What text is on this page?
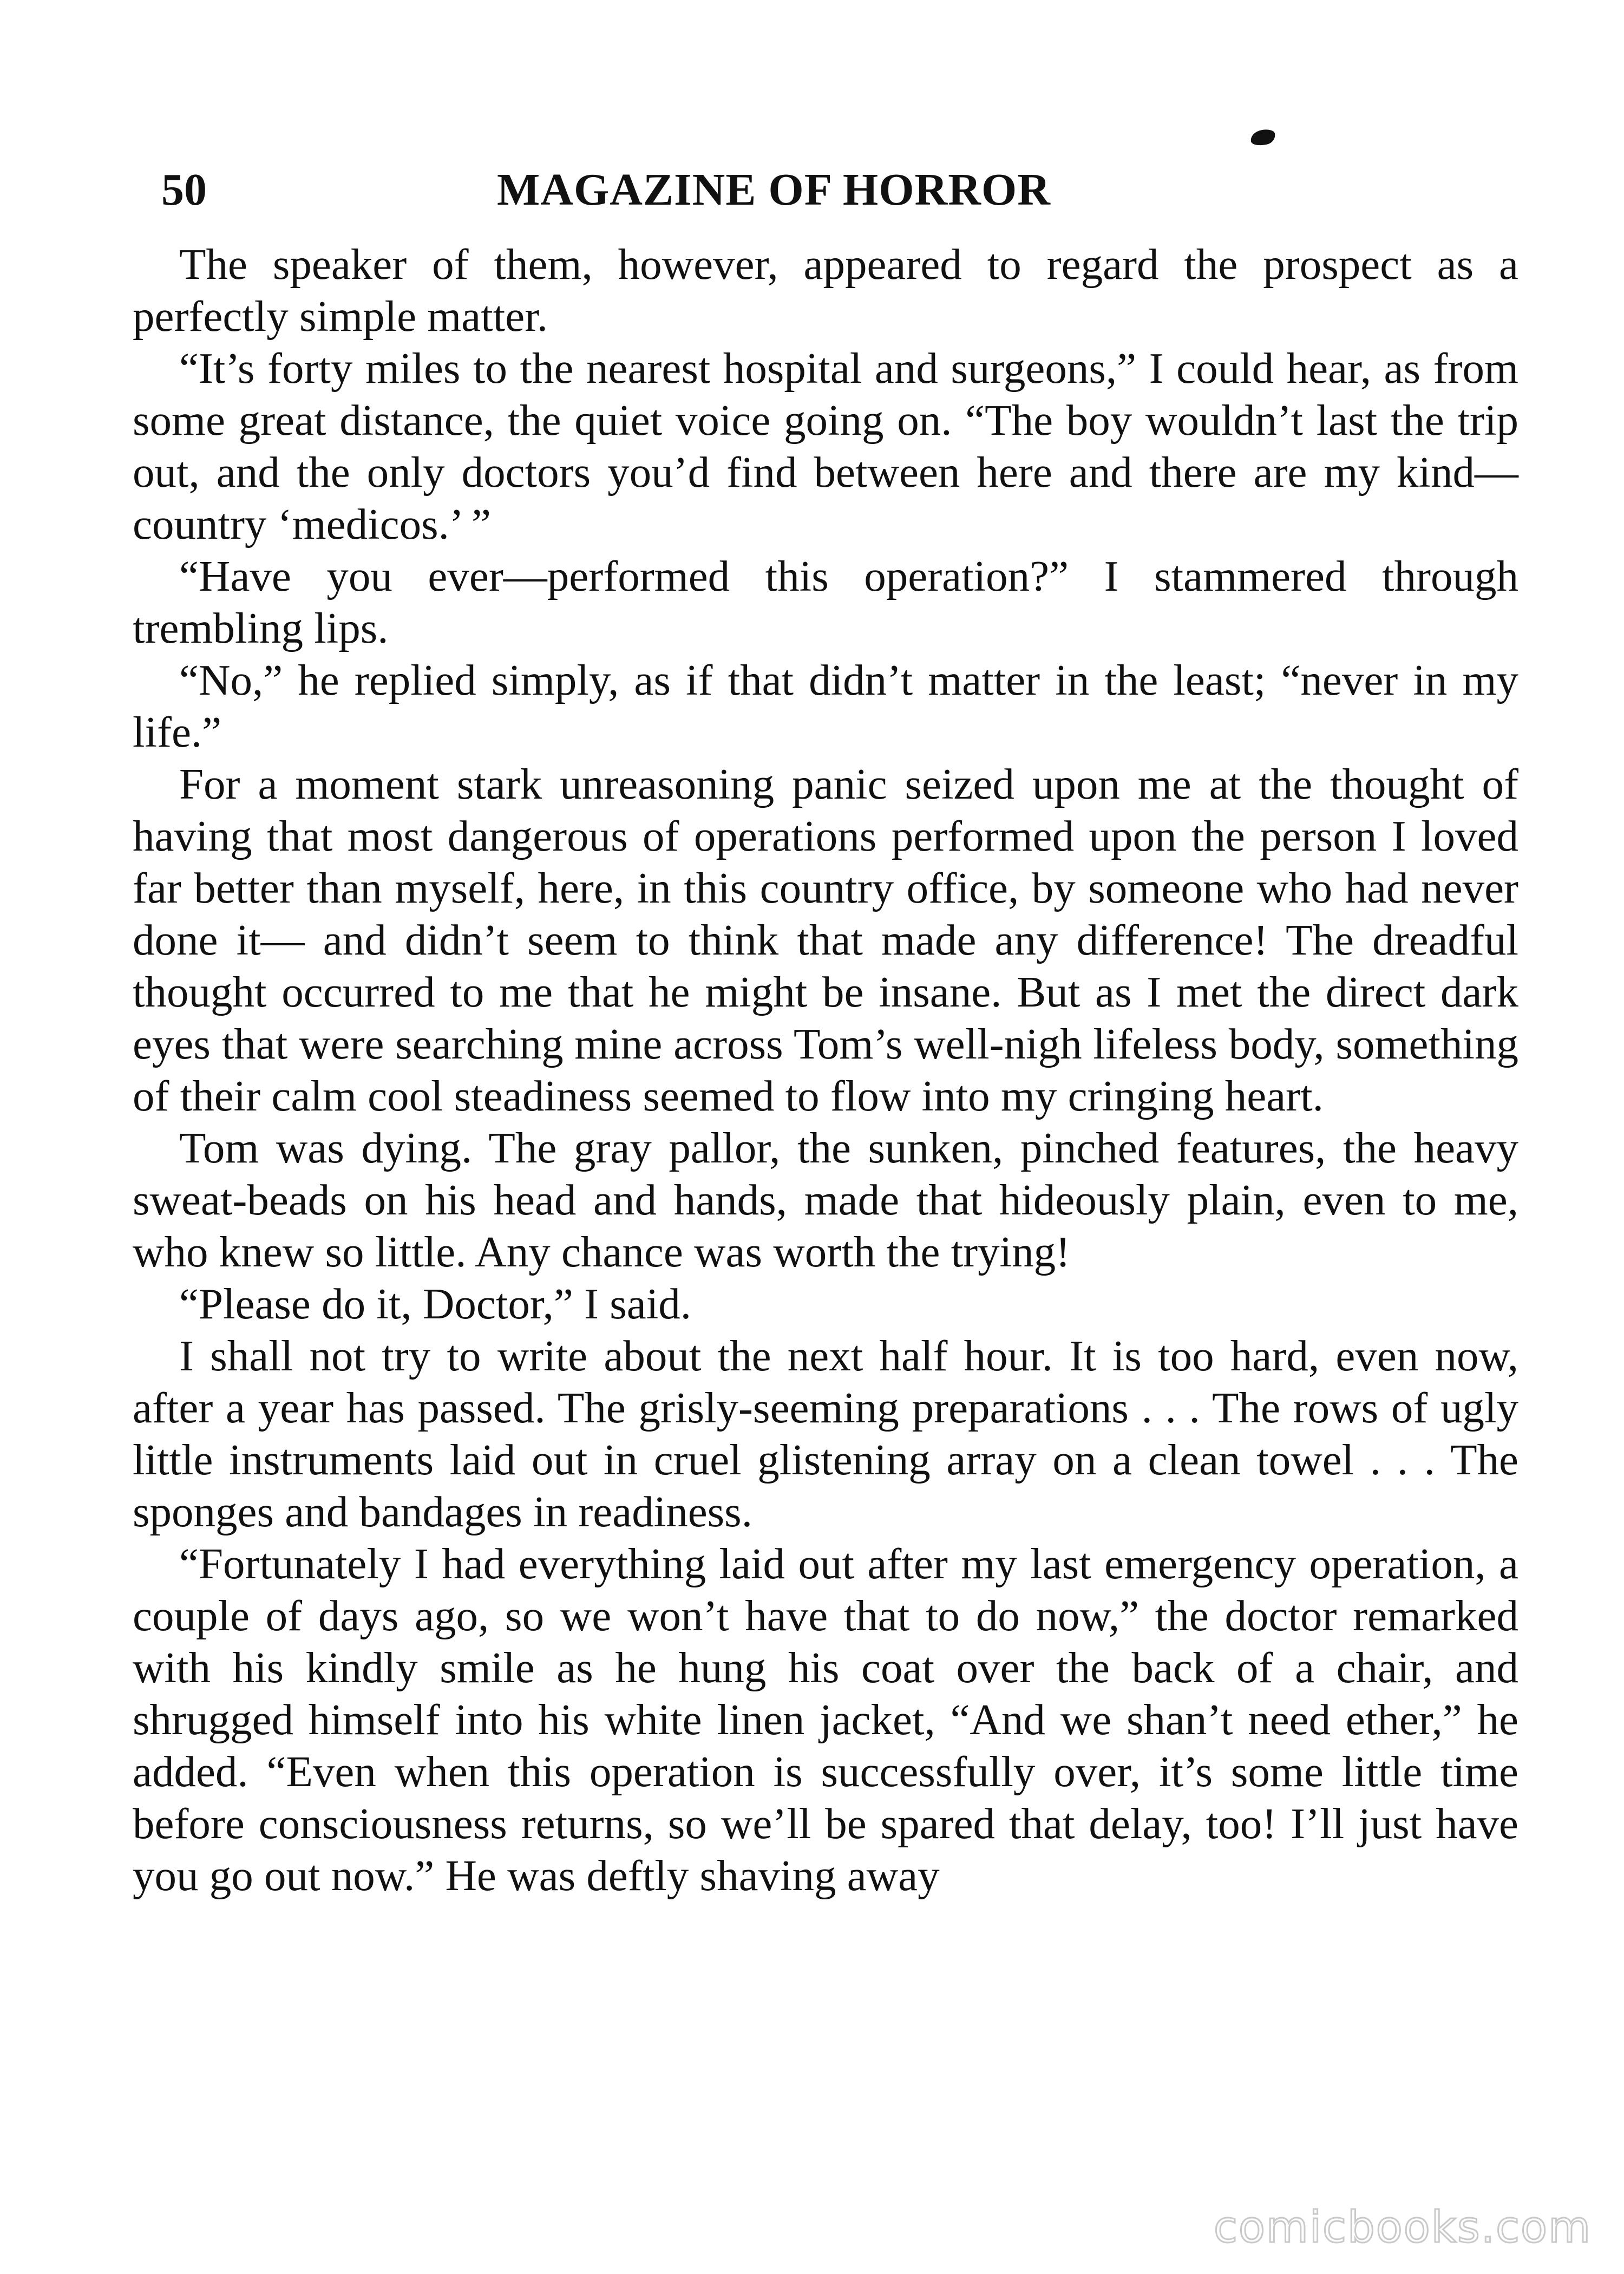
50	MAGAZINE OF HORROR

The speaker of them, however, appeared to regard the prospect as a perfectly simple matter.

“It’s forty miles to the nearest hospital and surgeons,” I could hear, as from some great distance, the quiet voice going on. “The boy wouldn’t last the trip out, and the only doctors you’d find between here and there are my kind—country ‘medicos.’ ”

“Have you ever—performed this operation?” I stammered through trembling lips.

“No,” he replied simply, as if that didn’t matter in the least; “never in my life.”

For a moment stark unreasoning panic seized upon me at the thought of having that most dangerous of operations performed upon the person I loved far better than myself, here, in this country office, by someone who had never done it— and didn’t seem to think that made any difference! The dreadful thought occurred to me that he might be insane. But as I met the direct dark eyes that were searching mine across Tom’s well-nigh lifeless body, something of their calm cool steadiness seemed to flow into my cringing heart.

Tom was dying. The gray pallor, the sunken, pinched features, the heavy sweat-beads on his head and hands, made that hideously plain, even to me, who knew so little. Any chance was worth the trying!

“Please do it, Doctor,” I said.

I shall not try to write about the next half hour. It is too hard, even now, after a year has passed. The grisly-seeming preparations . . . The rows of ugly little instruments laid out in cruel glistening array on a clean towel . . . The sponges and bandages in readiness.

“Fortunately I had everything laid out after my last emergency operation, a couple of days ago, so we won’t have that to do now,” the doctor remarked with his kindly smile as he hung his coat over the back of a chair, and shrugged himself into his white linen jacket, “And we shan’t need ether,” he added. “Even when this operation is successfully over, it’s some little time before consciousness returns, so we’ll be spared that delay, too! I’ll just have you go out now.” He was deftly shaving away

comicbooks.com
